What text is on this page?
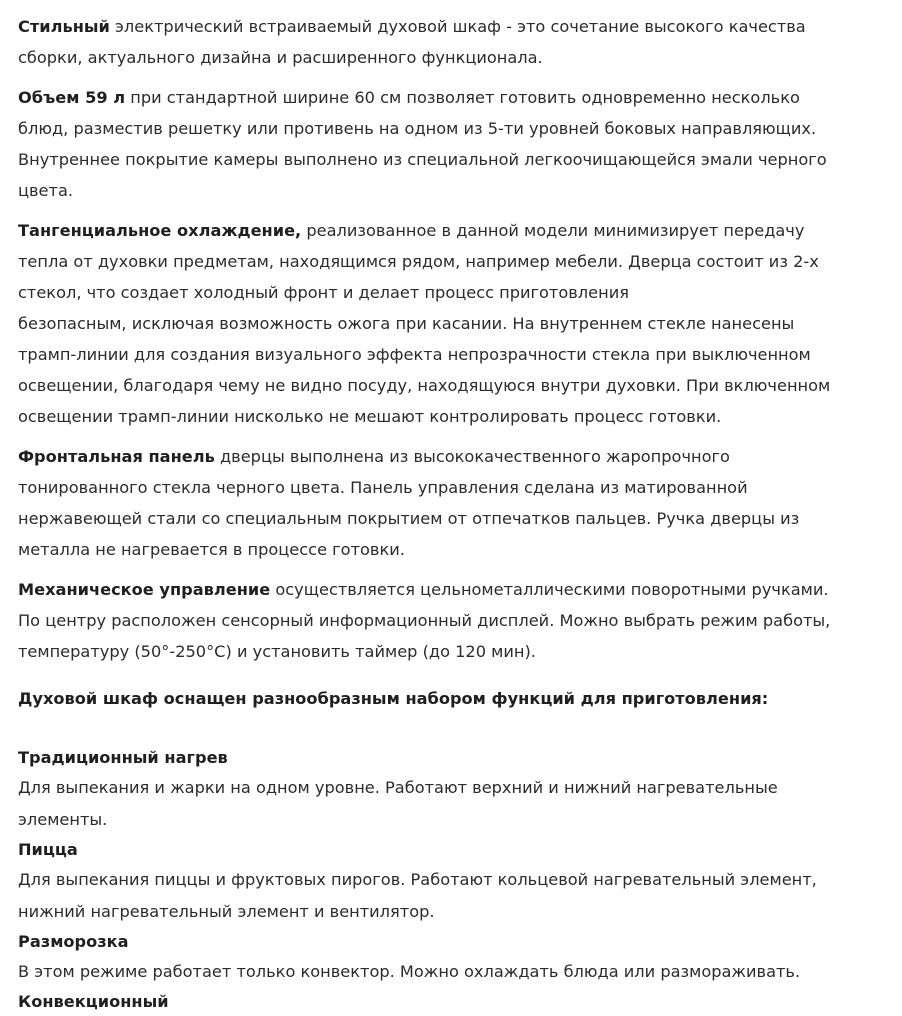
Стильный электрический встраиваемый духовой шкаф - это сочетание высокого качества
сборки, актуального дизайна и расширенного функционала.
Объем 59 л при стандартной ширине 60 см позволяет готовить одновременно несколько
блюд, разместив решетку или противень на одном из 5-ти уровней боковых направляющих.
Внутреннее покрытие камеры выполнено из специальной легкоочищающейся эмали черного
цвета.
Тангенциальное охлаждение, реализованное в данной модели минимизирует передачу
тепла от духовки предметам, находящимся рядом, например мебели. Дверца состоит из 2-х
стекол, что создает холодный фронт и делает процесс приготовления
безопасным, исключая возможность ожога при касании. На внутреннем стекле нанесены
трамп-линии для создания визуального эффекта непрозрачности стекла при выключенном
освещении, благодаря чему не видно посуду, находящуюся внутри духовки. При включенном
освещении трамп-линии нисколько не мешают контролировать процесс готовки.
Фронтальная панель дверцы выполнена из высококачественного жаропрочного
тонированного стекла черного цвета. Панель управления сделана из матированной
нержавеющей стали со специальным покрытием от отпечатков пальцев. Ручка дверцы из
металла не нагревается в процессе готовки.
Механическое управление осуществляется цельнометаллическими поворотными ручками.
По центру расположен сенсорный информационный дисплей. Можно выбрать режим работы,
температуру (50°-250°С) и установить таймер (до 120 мин).
Духовой шкаф оснащен разнообразным набором функций для приготовления:
Традиционный нагрев
Для выпекания и жарки на одном уровне. Работают верхний и нижний нагревательные
элементы.
Пицца
Для выпекания пиццы и фруктовых пирогов. Работают кольцевой нагревательный элемент,
нижний нагревательный элемент и вентилятор.
Разморозка
В этом режиме работает только конвектор. Можно охлаждать блюда или размораживать.
Конвекционный
